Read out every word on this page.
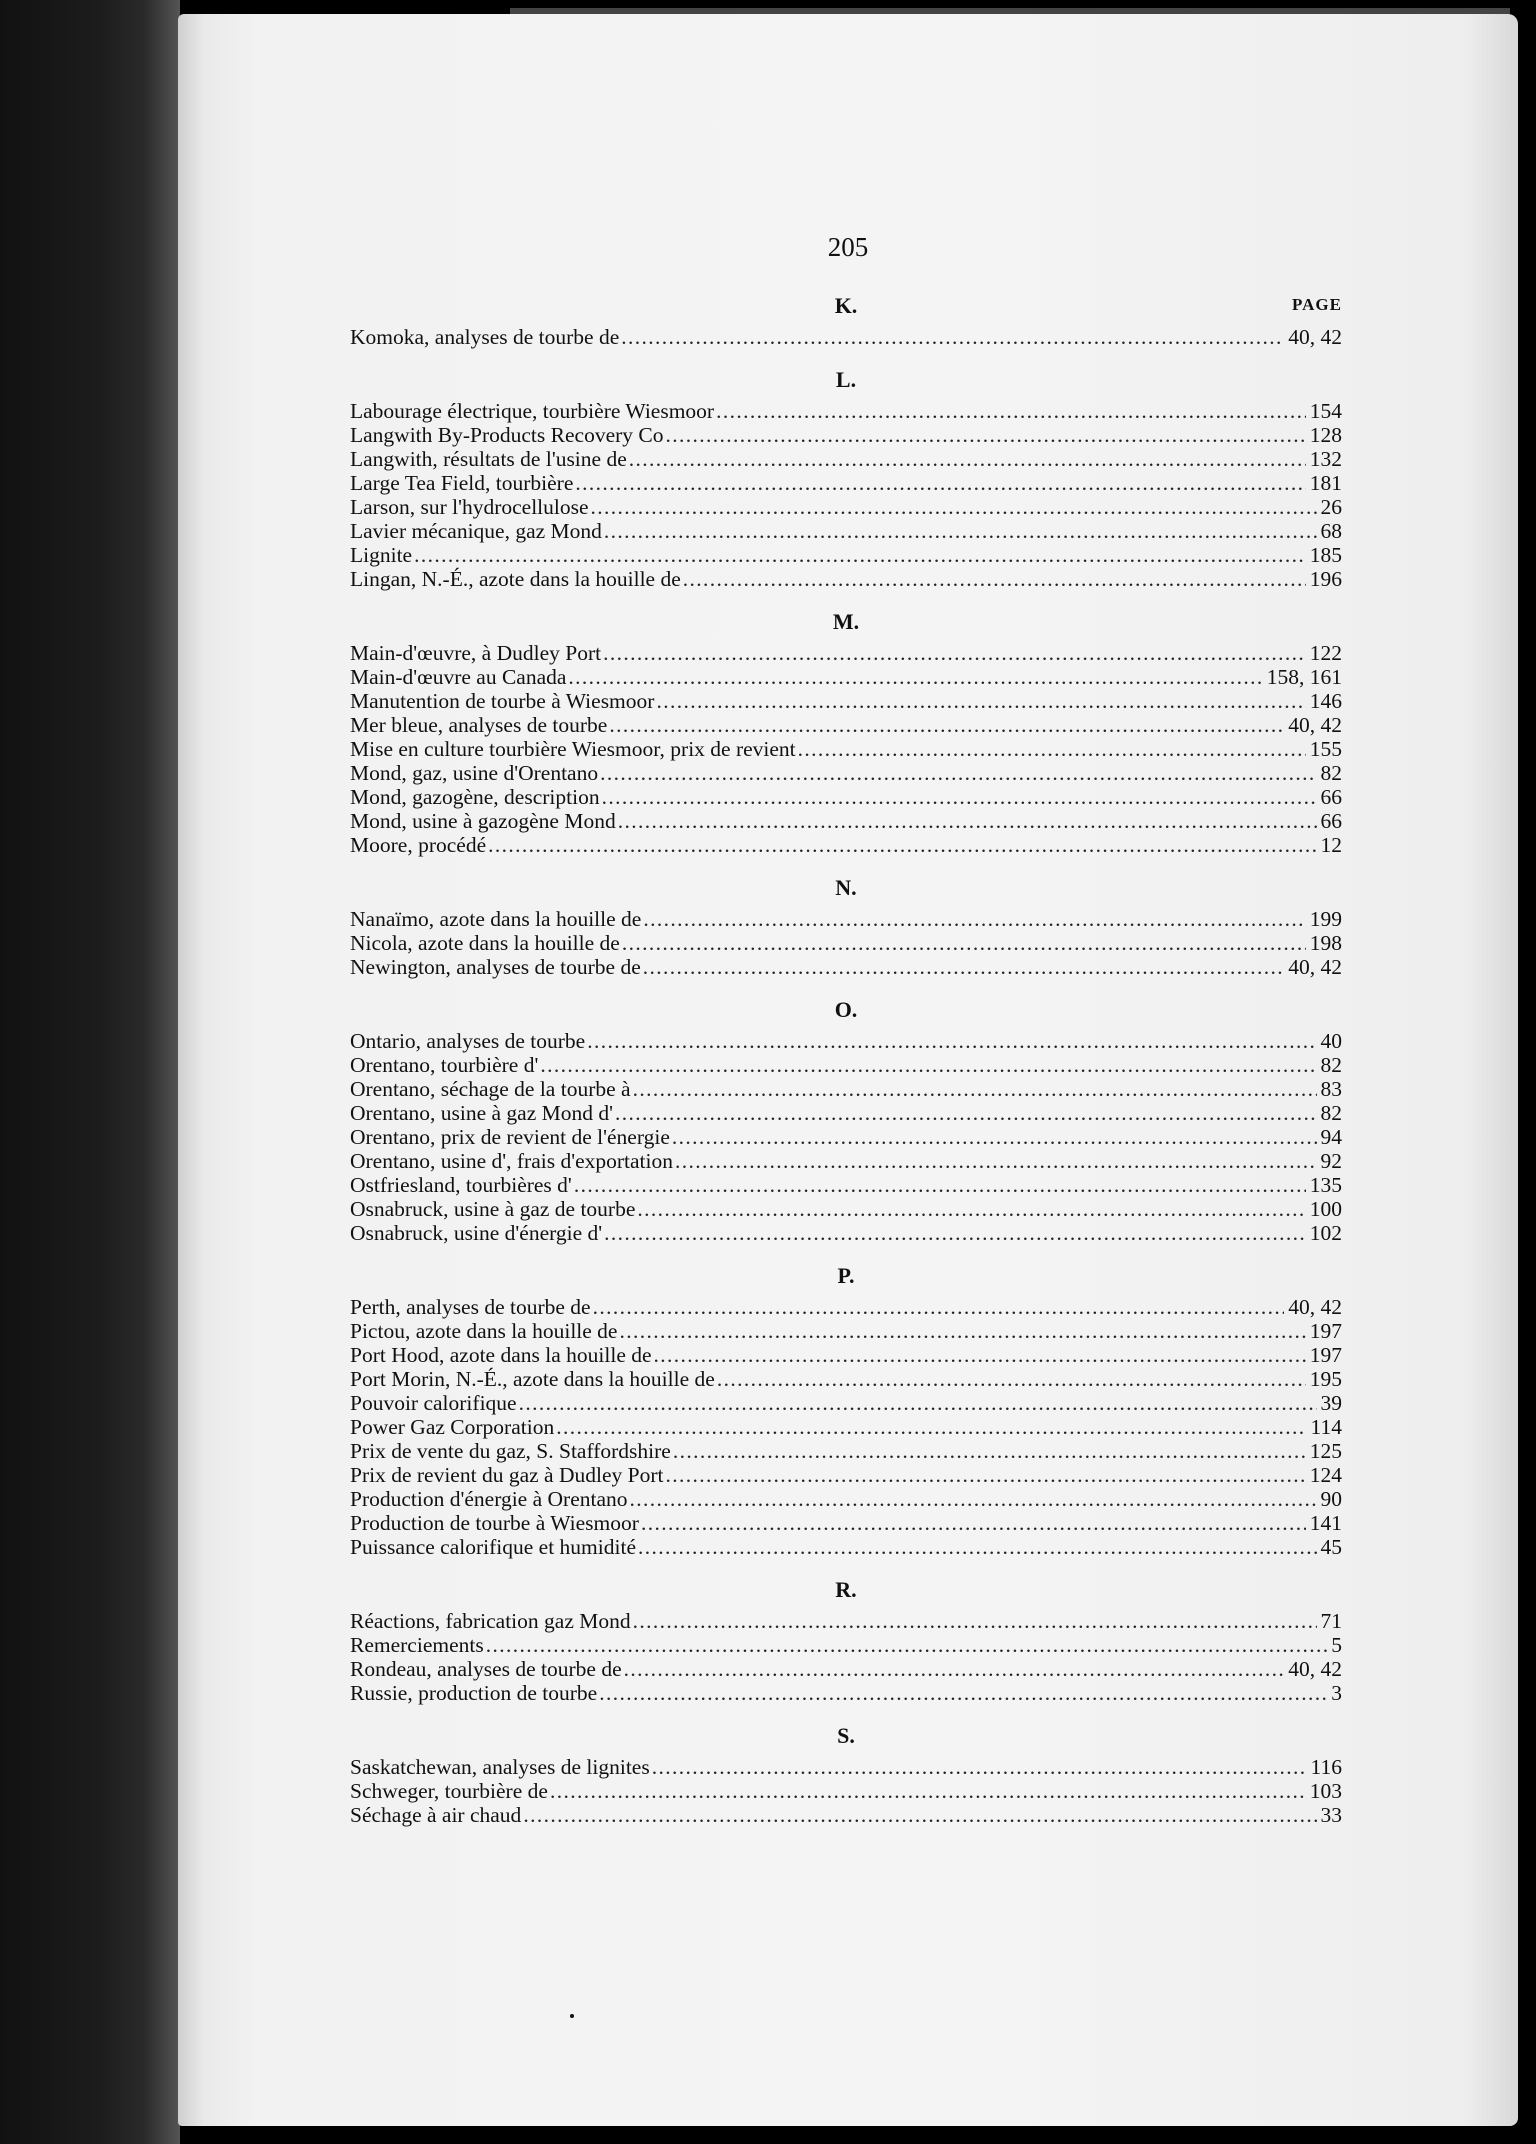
205
PAGE
K.
Komoka, analyses de tourbe de . . .	40, 42
L.
Labourage électrique, tourbière Wiesmoor . . .	154
Langwith By-Products Recovery Co . . .	128
Langwith, résultats de l'usine de . . .	132
Large Tea Field, tourbière . . .	181
Larson, sur l'hydrocellulose . . .	26
Lavier mécanique, gaz Mond . . .	68
Lignite . . .	185
Lingan, N.-É., azote dans la houille de . . .	196
M.
Main-d'œuvre, à Dudley Port . . .	122
Main-d'œuvre au Canada . . .	158, 161
Manutention de tourbe à Wiesmoor . . .	146
Mer bleue, analyses de tourbe . . .	40, 42
Mise en culture tourbière Wiesmoor, prix de revient . . .	155
Mond, gaz, usine d'Orentano . . .	82
Mond, gazogène, description . . .	66
Mond, usine à gazogène Mond . . .	66
Moore, procédé . . .	12
N.
Nanaïmo, azote dans la houille de . . .	199
Nicola, azote dans la houille de . . .	198
Newington, analyses de tourbe de . . .	40, 42
O.
Ontario, analyses de tourbe . . .	40
Orentano, tourbière d' . . .	82
Orentano, séchage de la tourbe à . . .	83
Orentano, usine à gaz Mond d' . . .	82
Orentano, prix de revient de l'énergie . . .	94
Orentano, usine d', frais d'exportation . . .	92
Ostfriesland, tourbières d' . . .	135
Osnabruck, usine à gaz de tourbe . . .	100
Osnabruck, usine d'énergie d' . . .	102
P.
Perth, analyses de tourbe de . . .	40, 42
Pictou, azote dans la houille de . . .	197
Port Hood, azote dans la houille de . . .	197
Port Morin, N.-É., azote dans la houille de . . .	195
Pouvoir calorifique . . .	39
Power Gaz Corporation . . .	114
Prix de vente du gaz, S. Staffordshire . . .	125
Prix de revient du gaz à Dudley Port . . .	124
Production d'énergie à Orentano . . .	90
Production de tourbe à Wiesmoor . . .	141
Puissance calorifique et humidité . . .	45
R.
Réactions, fabrication gaz Mond . . .	71
Remerciements . . .	5
Rondeau, analyses de tourbe de . . .	40, 42
Russie, production de tourbe . . .	3
S.
Saskatchewan, analyses de lignites . . .	116
Schweger, tourbière de . . .	103
Séchage à air chaud . . .	33
